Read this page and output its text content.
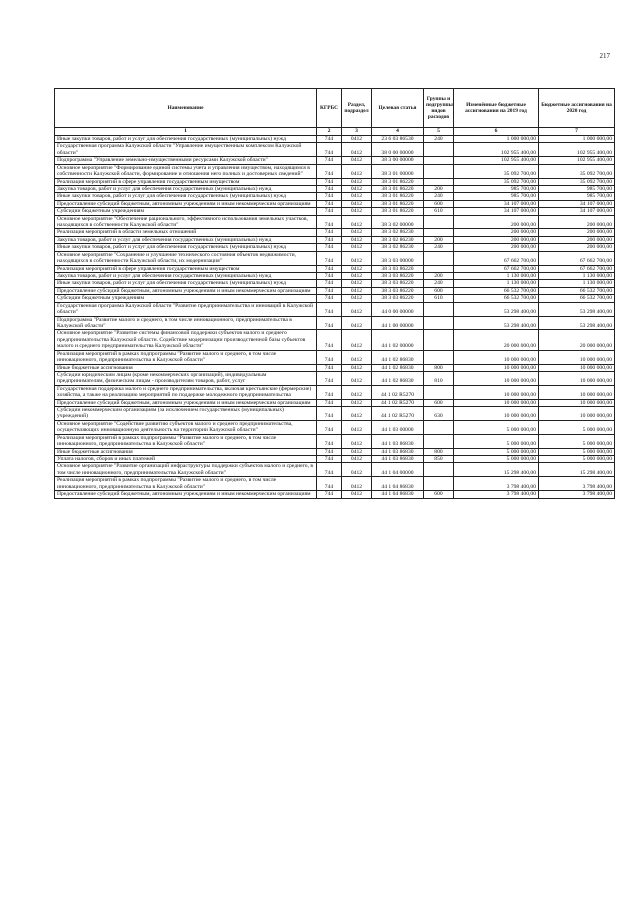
217
Наименование	КГРБС	Раздел, подраздел	Целевая статья	Группы и подгруппы видов расходов	Изменённые бюджетные ассигнования на 2019 год	Бюджетные ассигнования на 2020 год
1	2	3	4	5	6	7
Иные закупки товаров, работ и услуг для обеспечения государственных (муниципальных) нужд	744	0412	23 6 03 86530	240	1 000 000,00	1 000 000,00
Государственная программа Калужской области "Управление имущественным комплексом Калужской области"	744	0412	38 0 00 00000		102 955 400,00	102 955 400,00
Подпрограмма "Управление земельно-имущественными ресурсами Калужской области"	744	0412	38 3 00 00000		102 955 400,00	102 955 400,00
Основное мероприятие "Формирование единой системы учета и управления имуществом, находящимся в собственности Калужской области, формирование и отношения него полных и достоверных сведений"	744	0412	38 3 01 00000		35 092 700,00	35 092 700,00
Реализация мероприятий в сфере управления государственным имуществом	744	0412	38 3 01 86220		35 092 700,00	35 092 700,00
Закупка товаров, работ и услуг для обеспечения государственных (муниципальных) нужд	744	0412	38 3 01 86220	200	985 700,00	985 700,00
Иные закупки товаров, работ и услуг для обеспечения государственных (муниципальных) нужд	744	0412	38 3 01 86220	240	985 700,00	985 700,00
Предоставление субсидий бюджетным, автономным учреждениям и иным некоммерческим организациям	744	0412	38 3 01 86220	600	34 107 000,00	34 107 000,00
Субсидии бюджетным учреждениям	744	0412	38 3 01 86220	610	34 107 000,00	34 107 000,00
Основное мероприятие "Обеспечение рационального, эффективного использования земельных участков, находящихся в собственности Калужской области"	744	0412	38 3 02 00000		200 000,00	200 000,00
Реализация мероприятий в области земельных отношений	744	0412	38 3 02 86230		200 000,00	200 000,00
Закупка товаров, работ и услуг для обеспечения государственных (муниципальных) нужд	744	0412	38 3 02 86230	200	200 000,00	200 000,00
Иные закупки товаров, работ и услуг для обеспечения государственных (муниципальных) нужд	744	0412	38 3 02 86230	240	200 000,00	200 000,00
Основное мероприятие "Сохранение и улучшение технического состояния объектов недвижимости, находящихся в собственности Калужской области, их модернизация"	744	0412	38 3 03 00000		67 662 700,00	67 662 700,00
Реализация мероприятий в сфере управления государственным имуществом	744	0412	38 3 03 86220		67 662 700,00	67 662 700,00
Закупка товаров, работ и услуг для обеспечения государственных (муниципальных) нужд	744	0412	38 3 03 86220	200	1 130 000,00	1 130 000,00
Иные закупки товаров, работ и услуг для обеспечения государственных (муниципальных) нужд	744	0412	38 3 03 86220	240	1 130 000,00	1 130 000,00
Предоставление субсидий бюджетным, автономным учреждениям и иным некоммерческим организациям	744	0412	38 3 03 86220	600	66 532 700,00	66 532 700,00
Субсидии бюджетным учреждениям	744	0412	38 3 03 86220	610	66 532 700,00	66 532 700,00
Государственная программа Калужской области "Развитие предпринимательства и инноваций в Калужской области"	744	0412	44 0 00 00000		53 298 400,00	53 298 400,00
Подпрограмма "Развитие малого и среднего, в том числе инновационного, предпринимательства в Калужской области"	744	0412	44 1 00 00000		53 298 400,00	53 298 400,00
Основное мероприятие "Развитие системы финансовой поддержки субъектов малого и среднего предпринимательства Калужской области. Содействие модернизации производственной базы субъектов малого и среднего предпринимательства Калужской области"	744	0412	44 1 02 00000		20 000 000,00	20 000 000,00
Реализация мероприятий в рамках подпрограммы "Развитие малого и среднего, в том числе инновационного, предпринимательства в Калужской области"	744	0412	44 1 02 86830		10 000 000,00	10 000 000,00
Иные бюджетные ассигнования	744	0412	44 1 02 86830	800	10 000 000,00	10 000 000,00
Субсидии юридическим лицам (кроме некоммерческих организаций), индивидуальным предпринимателям, физическим лицам - производителям товаров, работ, услуг	744	0412	44 1 02 86830	810	10 000 000,00	10 000 000,00
Государственная поддержка малого и среднего предпринимательства, включая крестьянские (фермерские) хозяйства, а также на реализацию мероприятий по поддержке молодежного предпринимательства	744	0412	44 1 02 R5270		10 000 000,00	10 000 000,00
Предоставление субсидий бюджетным, автономным учреждениям и иным некоммерческим организациям	744	0412	44 1 02 R5270	600	10 000 000,00	10 000 000,00
Субсидии некоммерческим организациям (за исключением государственных (муниципальных) учреждений)	744	0412	44 1 02 R5270	630	10 000 000,00	10 000 000,00
Основное мероприятие "Содействие развитию субъектов малого и среднего предпринимательства, осуществляющих инновационную деятельность на территории Калужской области"	744	0412	44 1 03 00000		5 000 000,00	5 000 000,00
Реализация мероприятий в рамках подпрограммы "Развитие малого и среднего, в том числе инновационного, предпринимательства в Калужской области"	744	0412	44 1 03 86830		5 000 000,00	5 000 000,00
Иные бюджетные ассигнования	744	0412	44 1 03 86830	800	5 000 000,00	5 000 000,00
Уплата налогов, сборов и иных платежей	744	0412	44 1 03 86830	850	5 000 000,00	5 000 000,00
Основное мероприятие "Развитие организаций инфраструктуры поддержки субъектов малого и среднего, в том числе инновационного, предпринимательства Калужской области"	744	0412	44 1 04 00000		15 298 400,00	15 298 400,00
Реализация мероприятий в рамках подпрограммы "Развитие малого и среднего, в том числе инновационного, предпринимательства в Калужской области"	744	0412	44 1 04 86830		3 798 400,00	3 798 400,00
Предоставление субсидий бюджетным, автономным учреждениям и иным некоммерческим организациям	744	0412	44 1 04 86830	600	3 798 400,00	3 798 400,00
